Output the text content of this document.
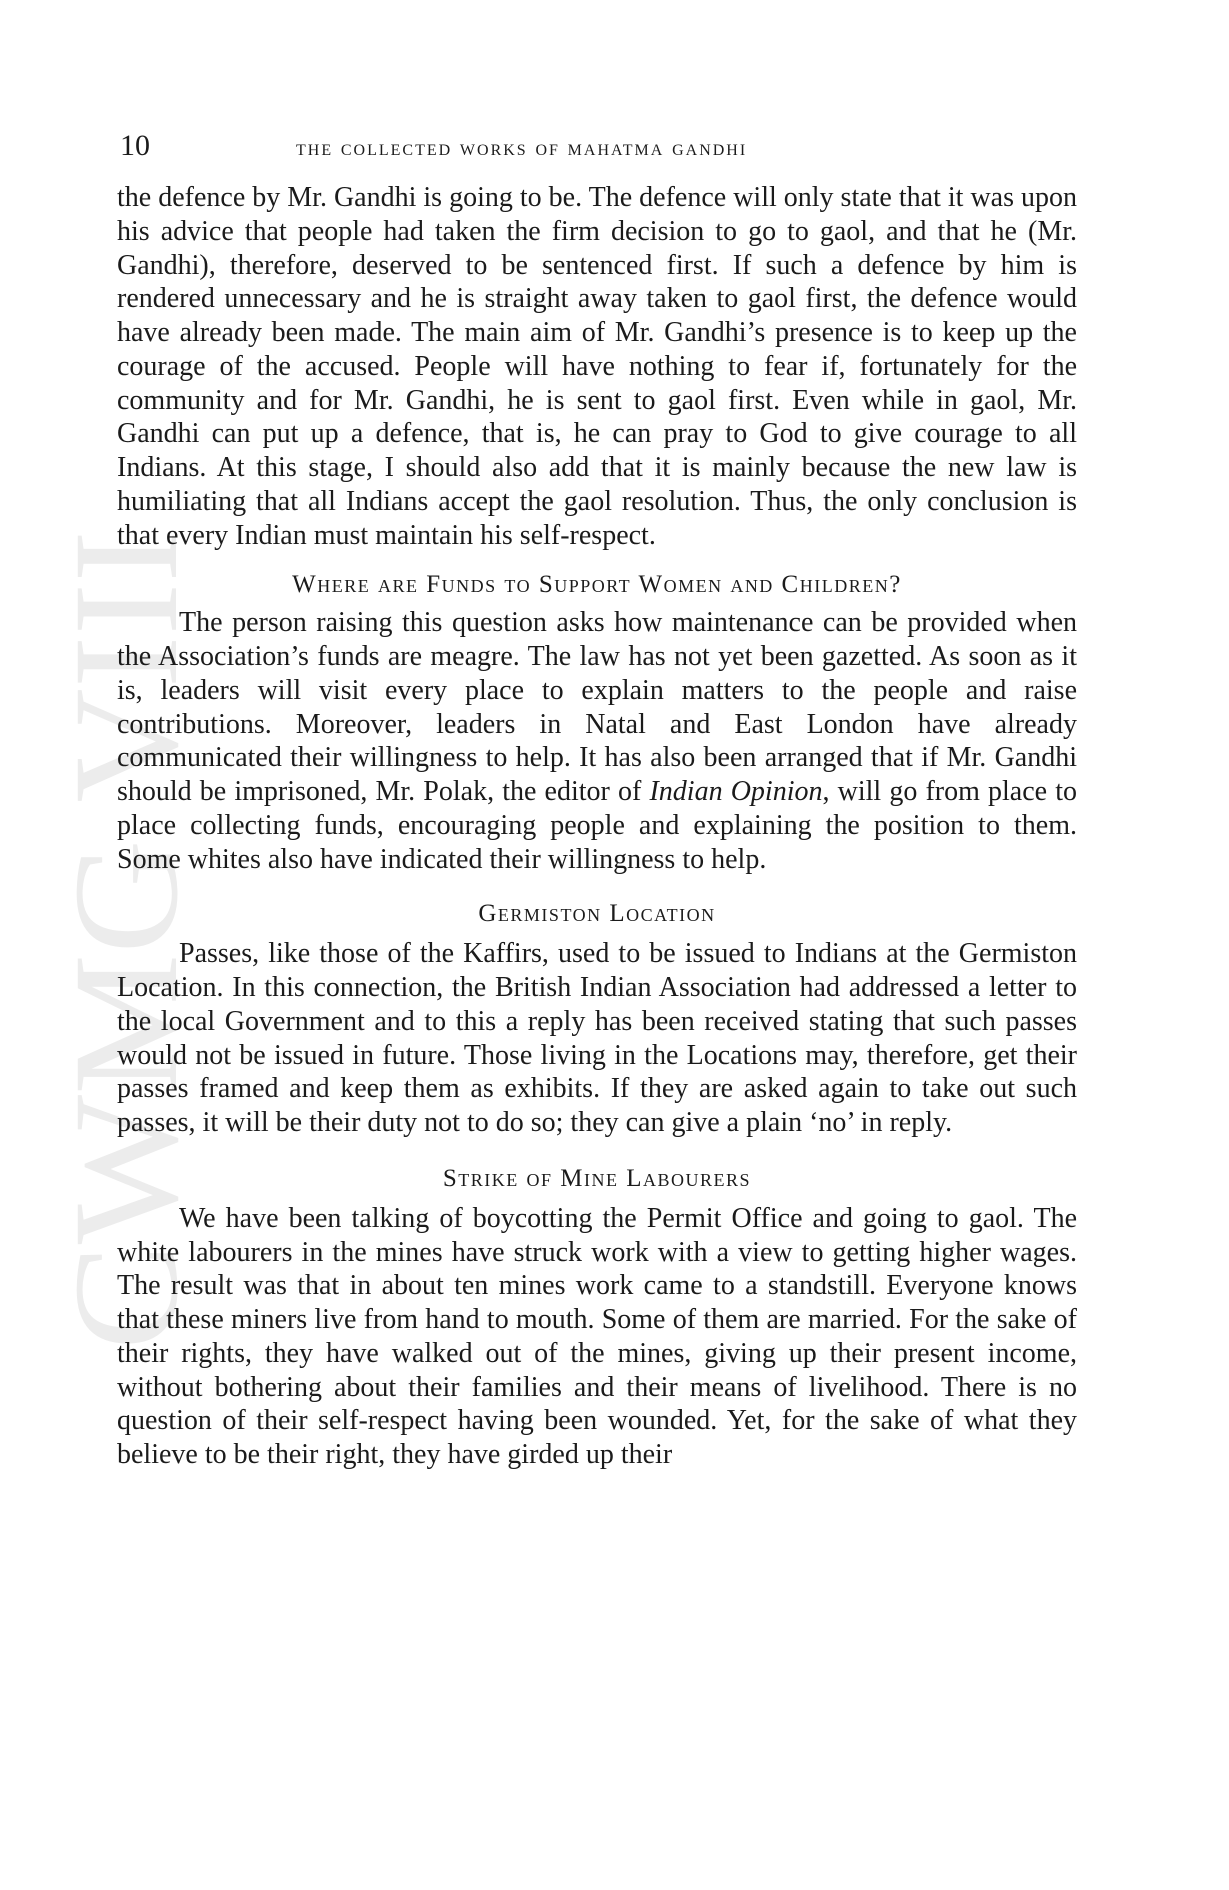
CWMG VIII
10	the collected works of mahatma gandhi

the defence by Mr. Gandhi is going to be. The defence will only state that it was upon his advice that people had taken the firm decision to go to gaol, and that he (Mr. Gandhi), therefore, deserved to be sentenced first. If such a defence by him is rendered unnecessary and he is straight away taken to gaol first, the defence would have already been made. The main aim of Mr. Gandhi’s presence is to keep up the courage of the accused. People will have nothing to fear if, fortunately for the community and for Mr. Gandhi, he is sent to gaol first. Even while in gaol, Mr. Gandhi can put up a defence, that is, he can pray to God to give courage to all Indians. At this stage, I should also add that it is mainly because the new law is humiliating that all Indians accept the gaol resolution. Thus, the only conclusion is that every Indian must maintain his self-respect.

Where are Funds to Support Women and Children?

The person raising this question asks how maintenance can be provided when the Association’s funds are meagre. The law has not yet been gazetted. As soon as it is, leaders will visit every place to explain matters to the people and raise contributions. Moreover, leaders in Natal and East London have already communicated their willingness to help. It has also been arranged that if Mr. Gandhi should be imprisoned, Mr. Polak, the editor of Indian Opinion, will go from place to place collecting funds, encouraging people and explaining the position to them. Some whites also have indicated their willingness to help.

Germiston Location

Passes, like those of the Kaffirs, used to be issued to Indians at the Germiston Location. In this connection, the British Indian Association had addressed a letter to the local Government and to this a reply has been received stating that such passes would not be issued in future. Those living in the Locations may, therefore, get their passes framed and keep them as exhibits. If they are asked again to take out such passes, it will be their duty not to do so; they can give a plain ‘no’ in reply.

Strike of Mine Labourers

We have been talking of boycotting the Permit Office and going to gaol. The white labourers in the mines have struck work with a view to getting higher wages. The result was that in about ten mines work came to a standstill. Everyone knows that these miners live from hand to mouth. Some of them are married. For the sake of their rights, they have walked out of the mines, giving up their present income, without bothering about their families and their means of livelihood. There is no question of their self-respect having been wounded. Yet, for the sake of what they believe to be their right, they have girded up their
